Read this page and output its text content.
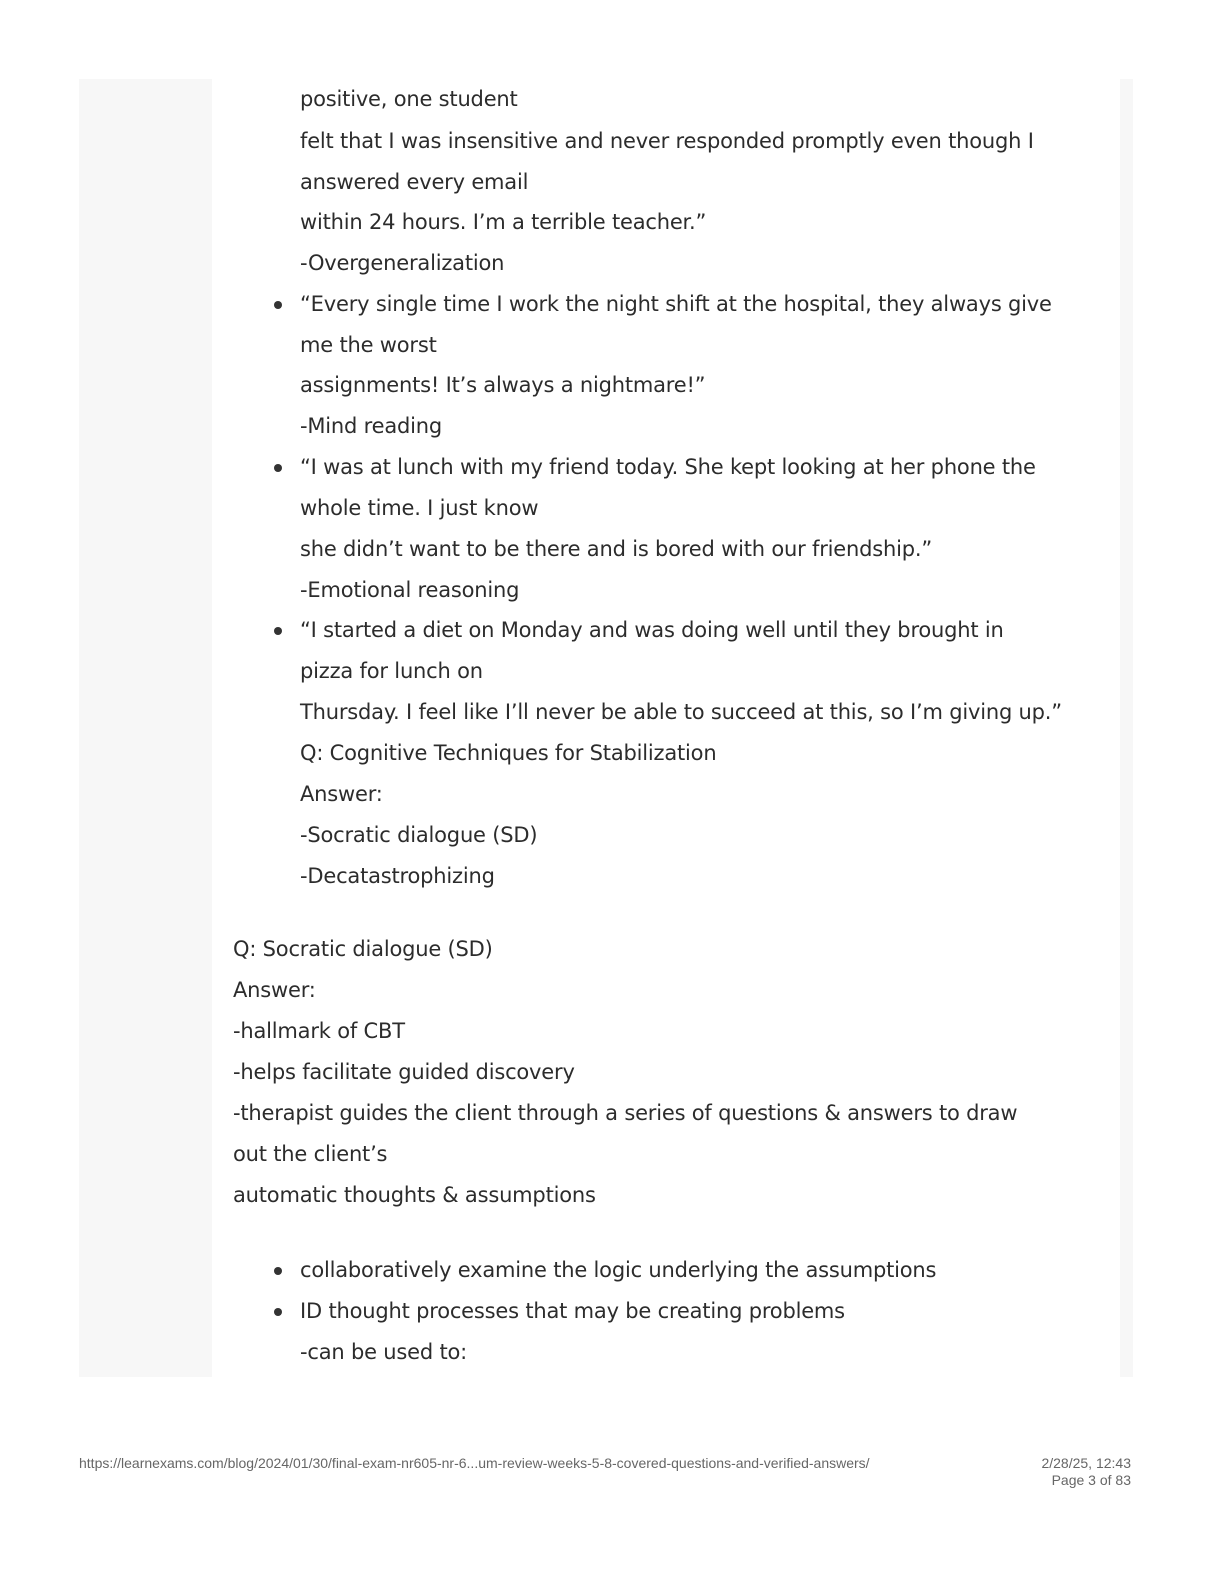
positive, one student
felt that I was insensitive and never responded promptly even though I
answered every email
within 24 hours. I’m a terrible teacher.”
-Overgeneralization
“Every single time I work the night shift at the hospital, they always give
me the worst
assignments! It’s always a nightmare!”
-Mind reading
“I was at lunch with my friend today. She kept looking at her phone the
whole time. I just know
she didn’t want to be there and is bored with our friendship.”
-Emotional reasoning
“I started a diet on Monday and was doing well until they brought in
pizza for lunch on
Thursday. I feel like I’ll never be able to succeed at this, so I’m giving up.”
Q: Cognitive Techniques for Stabilization
Answer:
-Socratic dialogue (SD)
-Decatastrophizing
Q: Socratic dialogue (SD)
Answer:
-hallmark of CBT
-helps facilitate guided discovery
-therapist guides the client through a series of questions & answers to draw
out the client’s
automatic thoughts & assumptions
collaboratively examine the logic underlying the assumptions
ID thought processes that may be creating problems
-can be used to:
https://learnexams.com/blog/2024/01/30/final-exam-nr605-nr-6...um-review-weeks-5-8-covered-questions-and-verified-answers/	2/28/25, 12:43
Page 3 of 83
